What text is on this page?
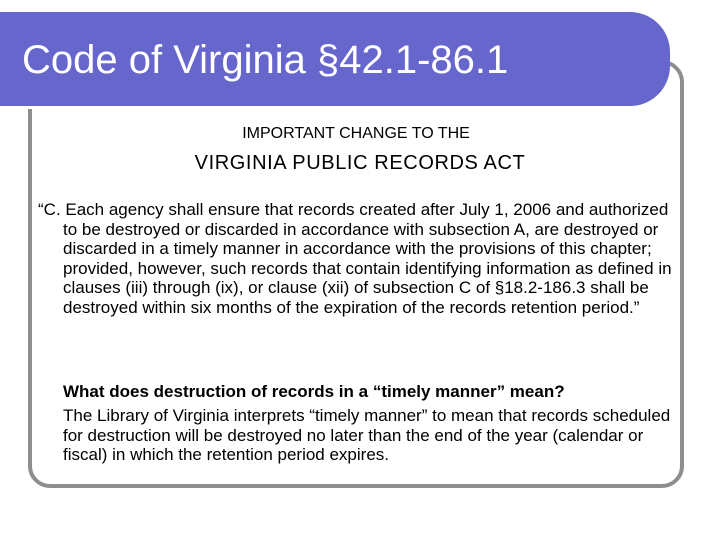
Code of Virginia §42.1-86.1

IMPORTANT CHANGE TO THE

VIRGINIA PUBLIC RECORDS ACT

“C. Each agency shall ensure that records created after July 1, 2006 and authorized to be destroyed or discarded in accordance with subsection A, are destroyed or discarded in a timely manner in accordance with the provisions of this chapter; provided, however, such records that contain identifying information as defined in clauses (iii) through (ix), or clause (xii) of subsection C of §18.2-186.3 shall be destroyed within six months of the expiration of the records retention period.”

What does destruction of records in a “timely manner” mean?

The Library of Virginia interprets “timely manner” to mean that records scheduled for destruction will be destroyed no later than the end of the year (calendar or fiscal) in which the retention period expires.
